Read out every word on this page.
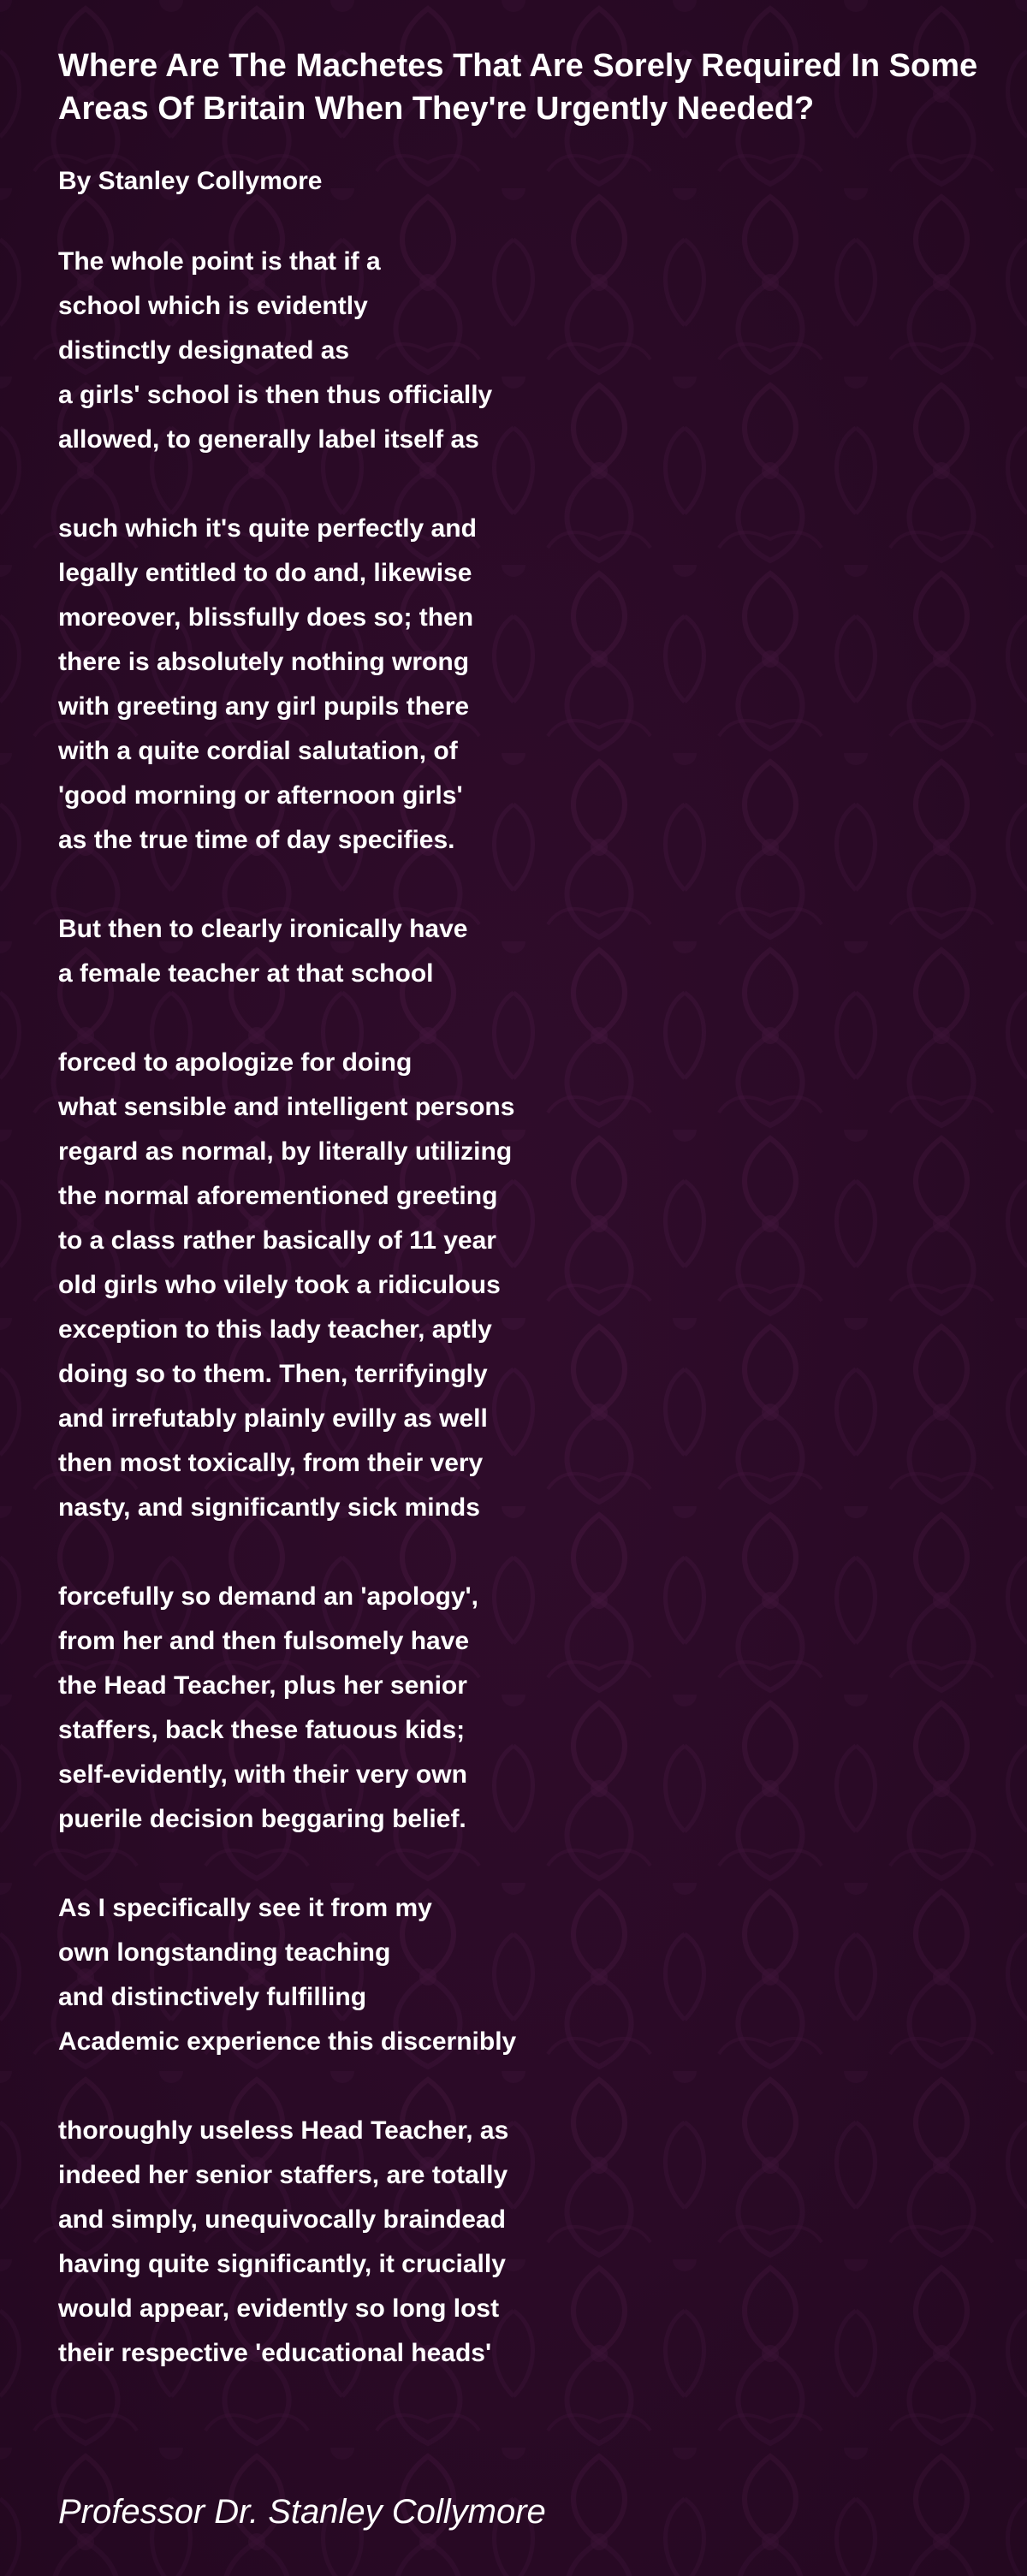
Where Are The Machetes That Are Sorely Required In Some Areas Of Britain When They're Urgently Needed?
By Stanley Collymore
The whole point is that if a
school which is evidently
distinctly designated as
a girls' school is then thus officially
allowed, to generally label itself as
such which it's quite perfectly and
legally entitled to do and, likewise
moreover, blissfully does so; then
there is absolutely nothing wrong
with greeting any girl pupils there
with a quite cordial salutation, of
'good morning or afternoon girls'
as the true time of day specifies.
But then to clearly ironically have
a female teacher at that school
forced to apologize for doing
what sensible and intelligent persons
regard as normal, by literally utilizing
the normal aforementioned greeting
to a class rather basically of 11 year
old girls who vilely took a ridiculous
exception to this lady teacher, aptly
doing so to them. Then, terrifyingly
and irrefutably plainly evilly as well
then most toxically, from their very
nasty, and significantly sick minds
forcefully so demand an 'apology',
from her and then fulsomely have
the Head Teacher, plus her senior
staffers, back these fatuous kids;
self-evidently, with their very own
puerile decision beggaring belief.
As I specifically see it from my
own longstanding teaching
and distinctively fulfilling
Academic experience this discernibly
thoroughly useless Head Teacher, as
indeed her senior staffers, are totally
and simply, unequivocally braindead
having quite significantly, it crucially
would appear, evidently so long lost
their respective 'educational heads'
Professor Dr. Stanley Collymore
